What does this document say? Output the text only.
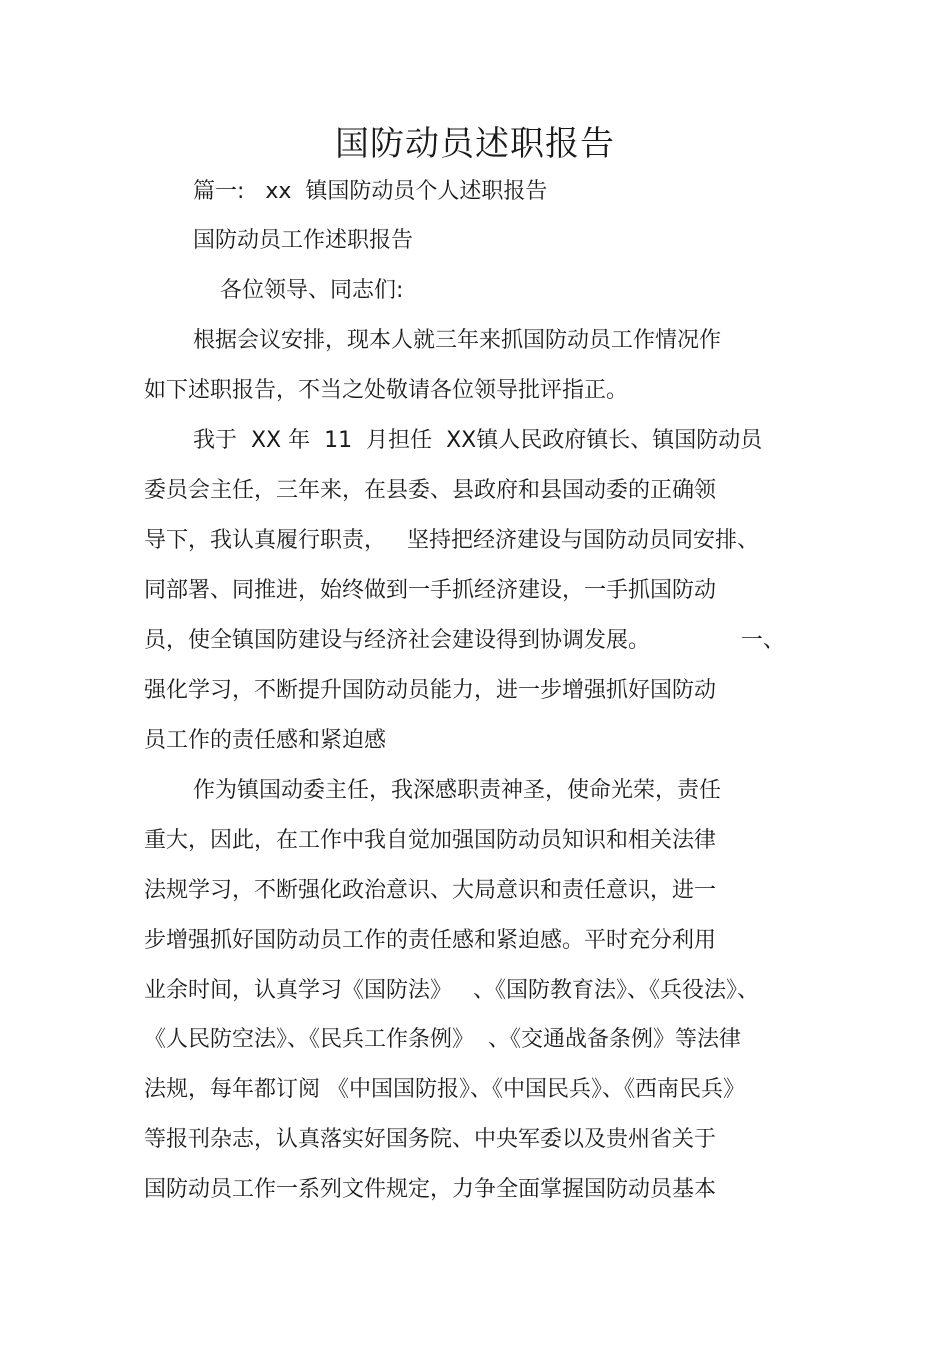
国防动员述职报告
篇一:   xx  镇国防动员个人述职报告
国防动员工作述职报告
各位领导、同志们:
根据会议安排，现本人就三年来抓国防动员工作情况作
如下述职报告，不当之处敬请各位领导批评指正。
我于  XX 年  11  月担任  XX镇人民政府镇长、镇国防动员
委员会主任，三年来，在县委、县政府和县国动委的正确领
导下，我认真履行职责，   坚持把经济建设与国防动员同安排、
同部署、同推进，始终做到一手抓经济建设，一手抓国防动
员，使全镇国防建设与经济社会建设得到协调发展。             一、
强化学习，不断提升国防动员能力，进一步增强抓好国防动
员工作的责任感和紧迫感
作为镇国动委主任，我深感职责神圣，使命光荣，责任
重大，因此，在工作中我自觉加强国防动员知识和相关法律
法规学习，不断强化政治意识、大局意识和责任意识，进一
步增强抓好国防动员工作的责任感和紧迫感。平时充分利用
业余时间，认真学习《国防法》   、《国防教育法》、《兵役法》、
《人民防空法》、《民兵工作条例》  、《交通战备条例》等法律
法规，每年都订阅 《中国国防报》、《中国民兵》、《西南民兵》
等报刊杂志，认真落实好国务院、中央军委以及贵州省关于
国防动员工作一系列文件规定，力争全面掌握国防动员基本
